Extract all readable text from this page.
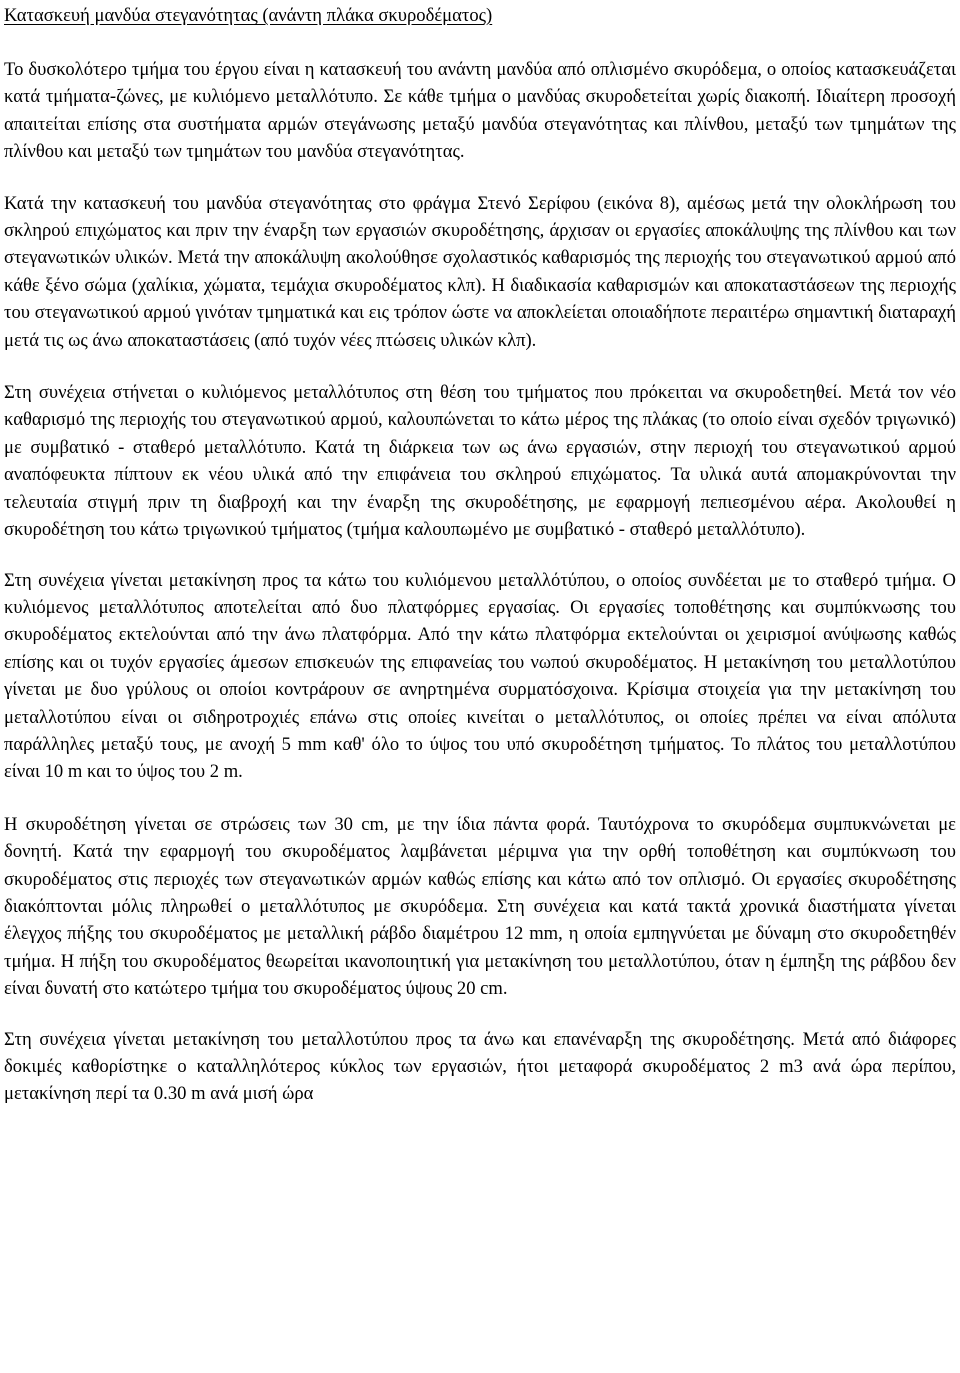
Κατασκευή μανδύα στεγανότητας (ανάντη πλάκα σκυροδέματος)

Το δυσκολότερο τμήμα του έργου είναι η κατασκευή του ανάντη μανδύα από οπλισμένο σκυρόδεμα, ο οποίος κατασκευάζεται κατά τμήματα-ζώνες, με κυλιόμενο μεταλλότυπο. Σε κάθε τμήμα ο μανδύας σκυροδετείται χωρίς διακοπή. Ιδιαίτερη προσοχή απαιτείται επίσης στα συστήματα αρμών στεγάνωσης μεταξύ μανδύα στεγανότητας και πλίνθου, μεταξύ των τμημάτων της πλίνθου και μεταξύ των τμημάτων του μανδύα στεγανότητας.

Κατά την κατασκευή του μανδύα στεγανότητας στο φράγμα Στενό Σερίφου (εικόνα 8), αμέσως μετά την ολοκλήρωση του σκληρού επιχώματος και πριν την έναρξη των εργασιών σκυροδέτησης, άρχισαν οι εργασίες αποκάλυψης της πλίνθου και των στεγανωτικών υλικών. Μετά την αποκάλυψη ακολούθησε σχολαστικός καθαρισμός της περιοχής του στεγανωτικού αρμού από κάθε ξένο σώμα (χαλίκια, χώματα, τεμάχια σκυροδέματος κλπ). Η διαδικασία καθαρισμών και αποκαταστάσεων της περιοχής του στεγανωτικού αρμού γινόταν τμηματικά και εις τρόπον ώστε να αποκλείεται οποιαδήποτε περαιτέρω σημαντική διαταραχή μετά τις ως άνω αποκαταστάσεις (από τυχόν νέες πτώσεις υλικών κλπ).

Στη συνέχεια στήνεται ο κυλιόμενος μεταλλότυπος στη θέση του τμήματος που πρόκειται να σκυροδετηθεί. Μετά τον νέο καθαρισμό της περιοχής του στεγανωτικού αρμού, καλουπώνεται το κάτω μέρος της πλάκας (το οποίο είναι σχεδόν τριγωνικό) με συμβατικό - σταθερό μεταλλότυπο. Κατά τη διάρκεια των ως άνω εργασιών, στην περιοχή του στεγανωτικού αρμού αναπόφευκτα πίπτουν εκ νέου υλικά από την επιφάνεια του σκληρού επιχώματος. Τα υλικά αυτά απομακρύνονται την τελευταία στιγμή πριν τη διαβροχή και την έναρξη της σκυροδέτησης, με εφαρμογή πεπιεσμένου αέρα. Ακολουθεί η σκυροδέτηση του κάτω τριγωνικού τμήματος (τμήμα καλουπωμένο με συμβατικό - σταθερό μεταλλότυπο).

Στη συνέχεια γίνεται μετακίνηση προς τα κάτω του κυλιόμενου μεταλλότύπου, ο οποίος συνδέεται με το σταθερό τμήμα. Ο κυλιόμενος μεταλλότυπος αποτελείται από δυο πλατφόρμες εργασίας. Οι εργασίες τοποθέτησης και συμπύκνωσης του σκυροδέματος εκτελούνται από την άνω πλατφόρμα. Από την κάτω πλατφόρμα εκτελούνται οι χειρισμοί ανύψωσης καθώς επίσης και οι τυχόν εργασίες άμεσων επισκευών της επιφανείας του νωπού σκυροδέματος. Η μετακίνηση του μεταλλοτύπου γίνεται με δυο γρύλους οι οποίοι κοντράρουν σε ανηρτημένα συρματόσχοινα. Κρίσιμα στοιχεία για την μετακίνηση του μεταλλοτύπου είναι οι σιδηροτροχιές επάνω στις οποίες κινείται ο μεταλλότυπος, οι οποίες πρέπει να είναι απόλυτα παράλληλες μεταξύ τους, με ανοχή 5 mm καθ' όλο το ύψος του υπό σκυροδέτηση τμήματος. Το πλάτος του μεταλλοτύπου είναι 10 m και το ύψος του 2 m.

Η σκυροδέτηση γίνεται σε στρώσεις των 30 cm, με την ίδια πάντα φορά. Ταυτόχρονα το σκυρόδεμα συμπυκνώνεται με δονητή. Κατά την εφαρμογή του σκυροδέματος λαμβάνεται μέριμνα για την ορθή τοποθέτηση και συμπύκνωση του σκυροδέματος στις περιοχές των στεγανωτικών αρμών καθώς επίσης και κάτω από τον οπλισμό. Οι εργασίες σκυροδέτησης διακόπτονται μόλις πληρωθεί ο μεταλλότυπος με σκυρόδεμα. Στη συνέχεια και κατά τακτά χρονικά διαστήματα γίνεται έλεγχος πήξης του σκυροδέματος με μεταλλική ράβδο διαμέτρου 12 mm, η οποία εμπηγνύεται με δύναμη στο σκυροδετηθέν τμήμα. Η πήξη του σκυροδέματος θεωρείται ικανοποιητική για μετακίνηση του μεταλλοτύπου, όταν η έμπηξη της ράβδου δεν είναι δυνατή στο κατώτερο τμήμα του σκυροδέματος ύψους 20 cm.

Στη συνέχεια γίνεται μετακίνηση του μεταλλοτύπου προς τα άνω και επανέναρξη της σκυροδέτησης. Μετά από διάφορες δοκιμές καθορίστηκε ο καταλληλότερος κύκλος των εργασιών, ήτοι μεταφορά σκυροδέματος 2 m3 ανά ώρα περίπου, μετακίνηση περί τα 0.30 m ανά μισή ώρα
